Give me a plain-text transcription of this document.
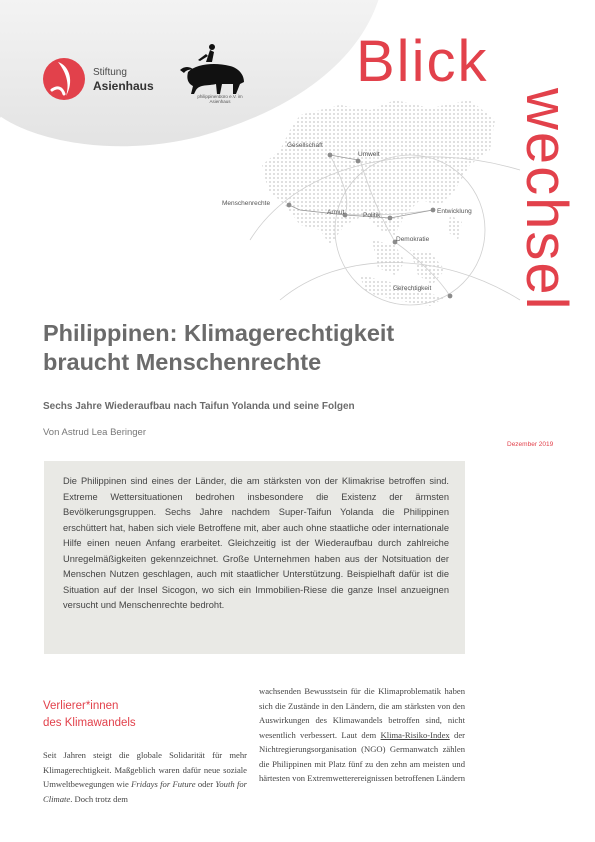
Stiftung
Asienhaus
philippinenbüro e.V. im Asienhaus
Blick
wechsel
Dezember 2019
Gesellschaft
Umwelt
Menschenrechte
Armut	Politik
Entwicklung
Demokratie
Gerechtigkeit
Philippinen: Klimagerechtigkeit
braucht Menschenrechte
Sechs Jahre Wiederaufbau nach Taifun Yolanda und seine Folgen
Von Astrud Lea Beringer

Die Philippinen sind eines der Länder, die am stärksten von der Klimakrise betroffen sind. Extreme Wettersituationen bedrohen insbesondere die Existenz der ärmsten Bevölkerungsgruppen. Sechs Jahre nachdem Super-Taifun Yolanda die Philippinen erschüttert hat, haben sich viele Betroffene mit, aber auch ohne staatliche oder internationale Hilfe einen neuen Anfang erarbeitet. Gleichzeitig ist der Wiederaufbau durch zahlreiche Unregelmäßigkeiten gekennzeichnet. Große Unternehmen haben aus der Notsituation der Menschen Nutzen geschlagen, auch mit staatlicher Unterstützung. Beispielhaft dafür ist die Situation auf der Insel Sicogon, wo sich ein Immobilien-Riese die ganze Insel anzueignen versucht und Menschenrechte bedroht.

Verlierer*innen
des Klimawandels

Seit Jahren steigt die globale Solidarität für mehr Klimagerechtigkeit. Maßgeblich waren dafür neue soziale Umweltbewegungen wie Fridays for Future oder Youth for Climate. Doch trotz dem

wachsenden Bewusstsein für die Klimaproblematik haben sich die Zustände in den Ländern, die am stärksten von den Auswirkungen des Klimawandels betroffen sind, nicht wesentlich verbessert. Laut dem Klima-Risiko-Index der Nichtregierungsorganisation (NGO) Germanwatch zählen die Philippinen mit Platz fünf zu den zehn am meisten und härtesten von Extremwetterereignissen betroffenen Ländern
